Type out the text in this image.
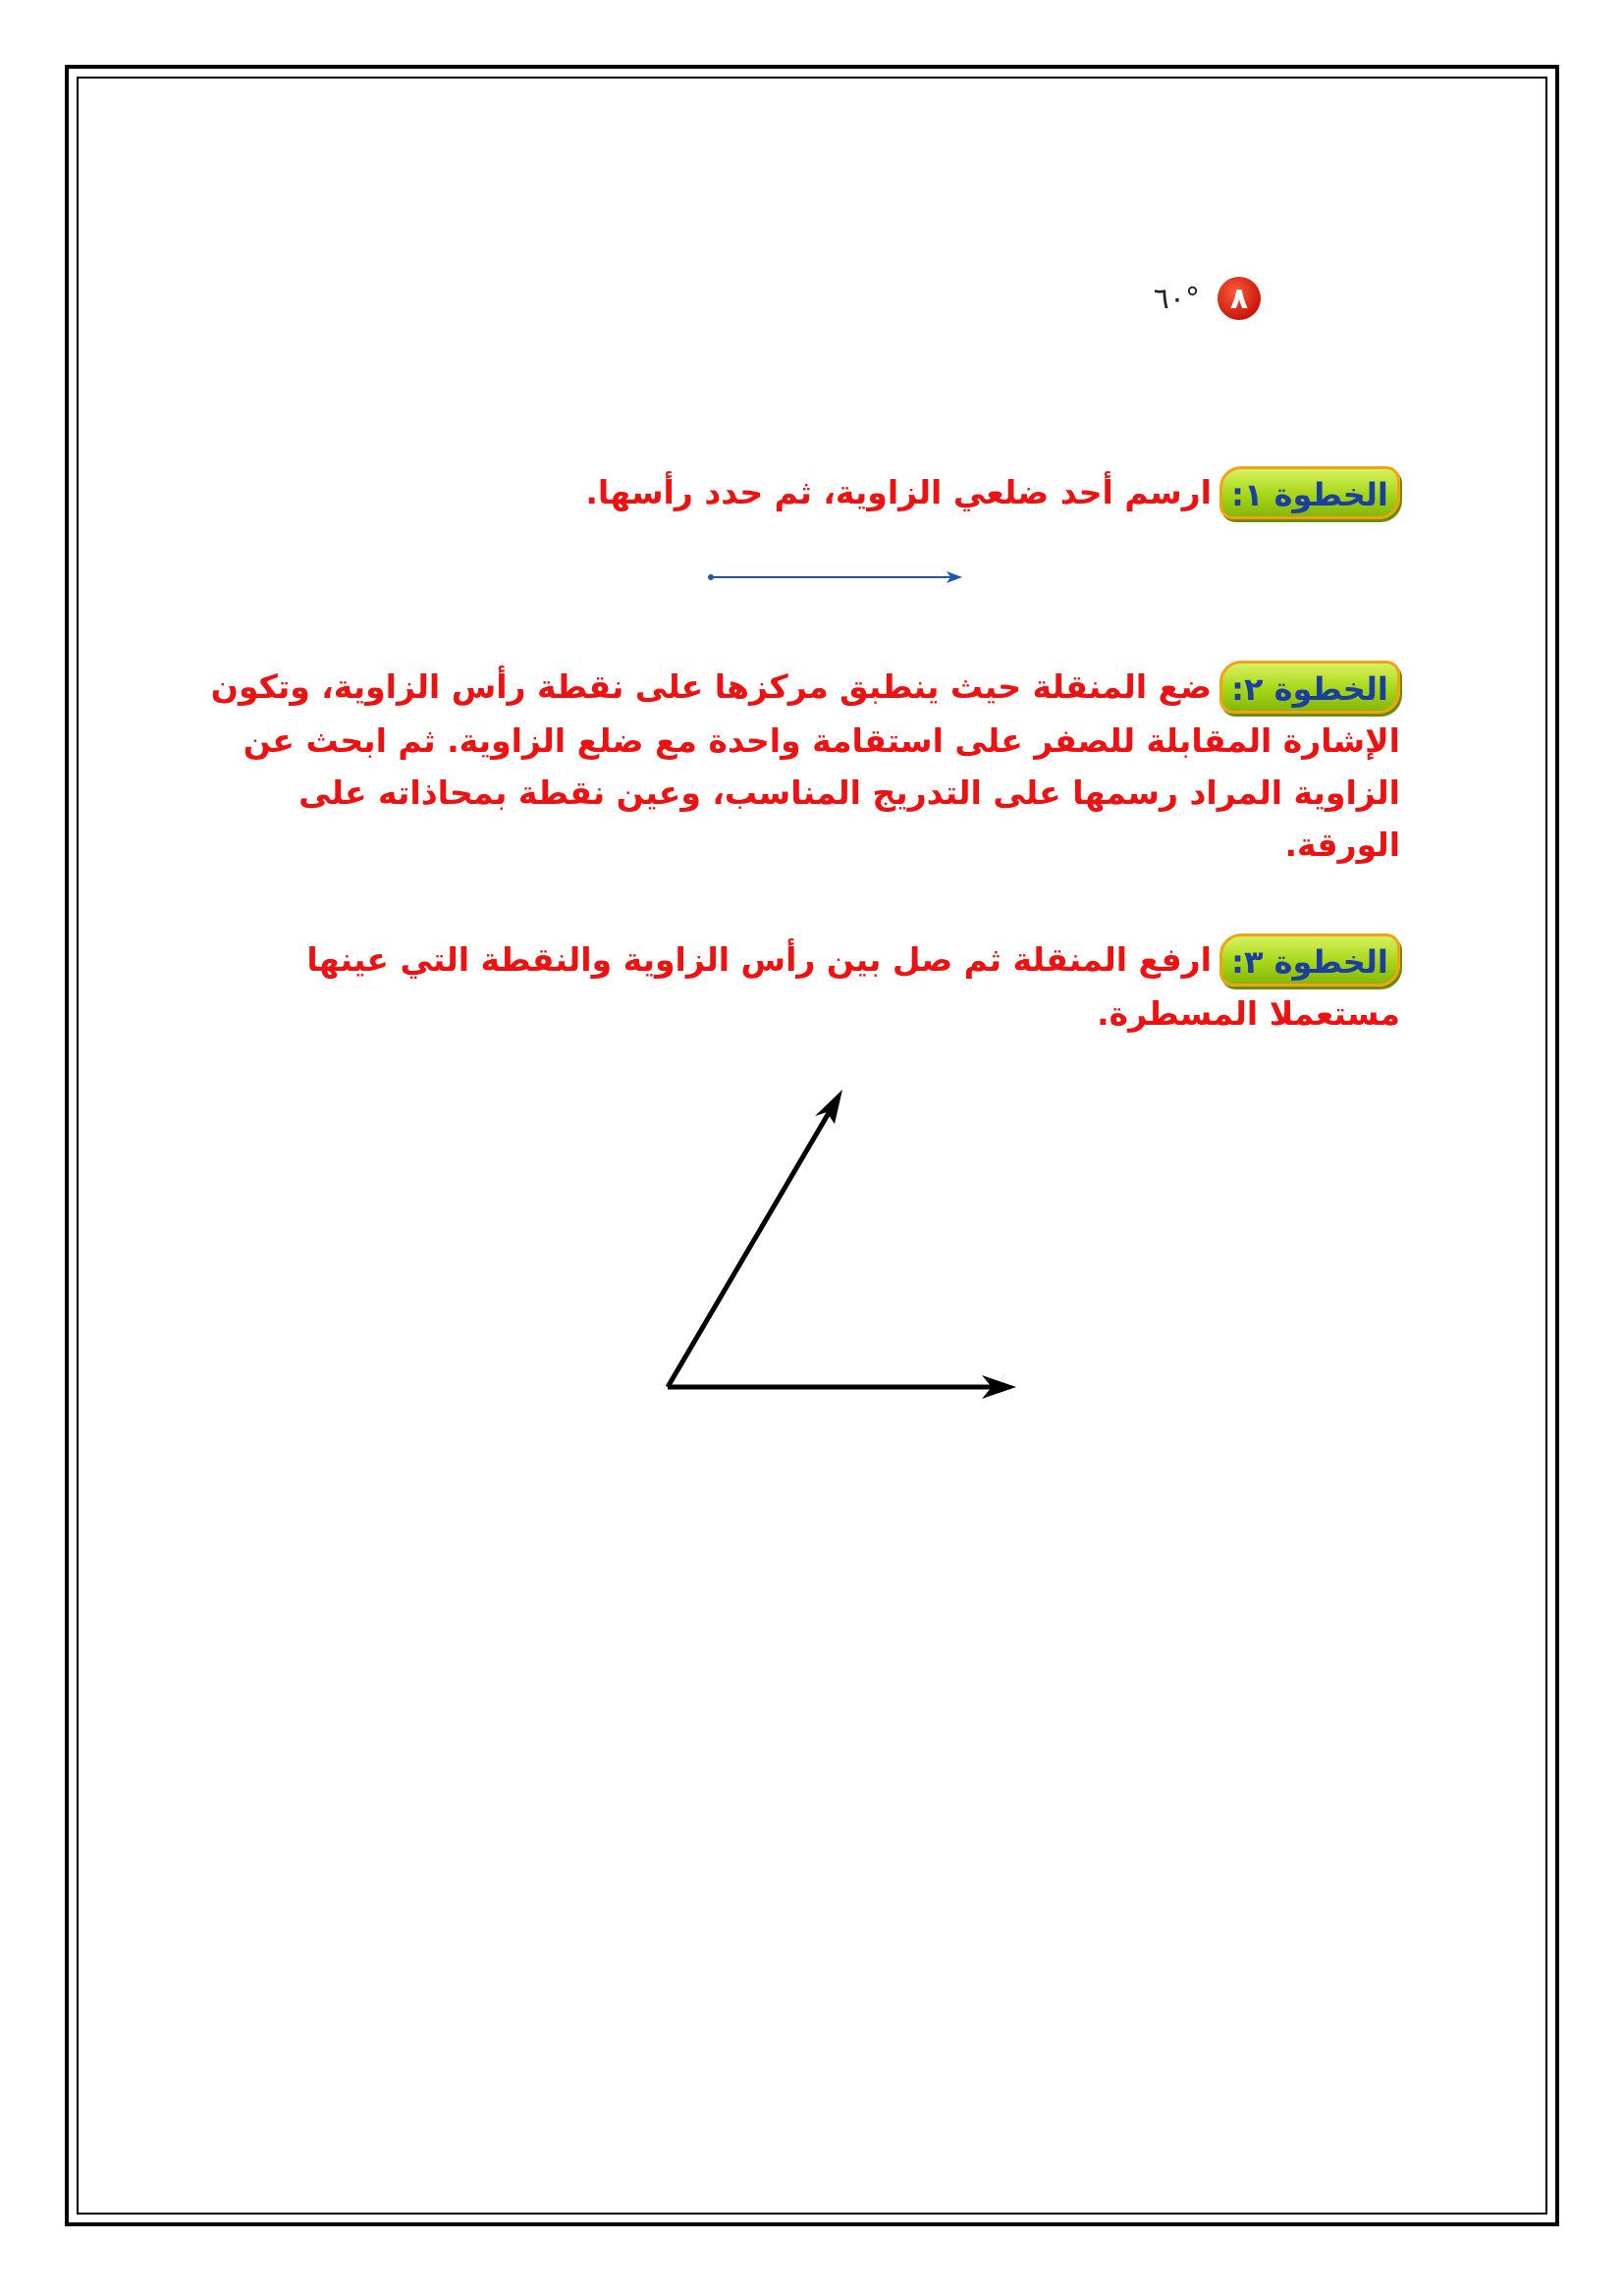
٨
°٦٠
الخطوة ١:ارسم أحد ضلعي الزاوية، ثم حدد رأسها.
الخطوة ٢:ضع المنقلة حيث ينطبق مركزها على نقطة رأس الزاوية، وتكون الإشارة المقابلة للصفر على استقامة واحدة مع ضلع الزاوية. ثم ابحث عن الزاوية المراد رسمها على التدريج المناسب، وعين نقطة بمحاذاته على الورقة.
الخطوة ٣:ارفع المنقلة ثم صل بين رأس الزاوية والنقطة التي عينها مستعملا المسطرة.
